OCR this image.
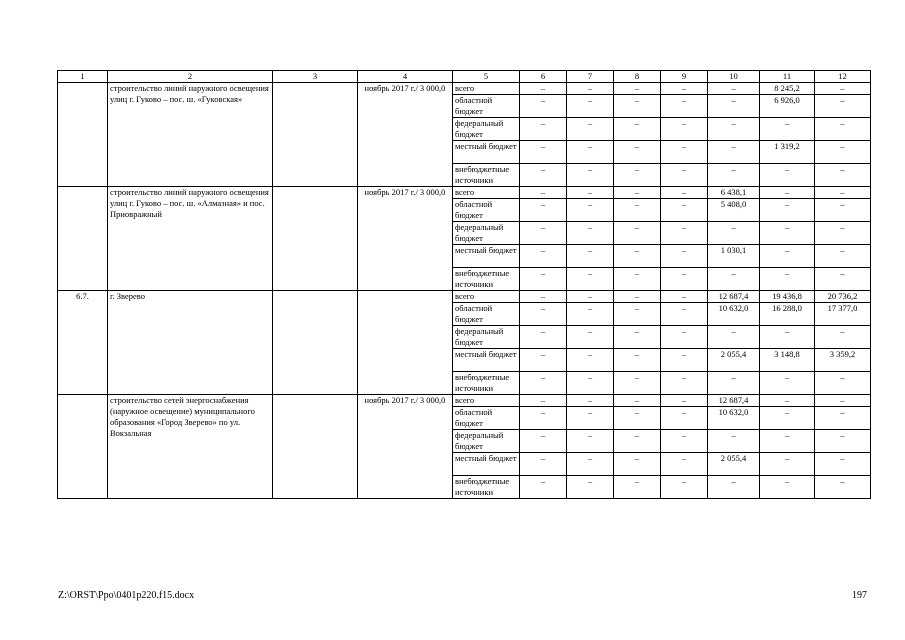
1	2	3	4	5	6	7	8	9	10	11	12
	строительство линий наружного освещения улиц г. Гуково – пос. ш. «Гуковская»		ноябрь 2017 г./ 3 000,0	всего	–	–	–	–	–	8 245,2	–
				областной бюджет	–	–	–	–	–	6 926,0	–
				федеральный бюджет	–	–	–	–	–	–	–
				местный бюджет	–	–	–	–	–	1 319,2	–
				внебюджетные источники	–	–	–	–	–	–	–
	строительство линий наружного освещения улиц г. Гуково – пос. ш. «Алмазная» и пос. Приовражный		ноябрь 2017 г./ 3 000,0	всего	–	–	–	–	6 438,1	–	–
				областной бюджет	–	–	–	–	5 408,0	–	–
				федеральный бюджет	–	–	–	–	–	–	–
				местный бюджет	–	–	–	–	1 030,1	–	–
				внебюджетные источники	–	–	–	–	–	–	–
6.7.	г. Зверево			всего	–	–	–	–	12 687,4	19 436,8	20 736,2
				областной бюджет	–	–	–	–	10 632,0	16 288,0	17 377,0
				федеральный бюджет	–	–	–	–	–	–	–
				местный бюджет	–	–	–	–	2 055,4	3 148,8	3 359,2
				внебюджетные источники	–	–	–	–	–	–	–
	строительство сетей энергоснабжения (наружное освещение) муниципального образования «Город Зверево» по ул. Вокзальная		ноябрь 2017 г./ 3 000,0	всего	–	–	–	–	12 687,4	–	–
				областной бюджет	–	–	–	–	10 632,0	–	–
				федеральный бюджет	–	–	–	–	–	–	–
				местный бюджет	–	–	–	–	2 055,4	–	–
				внебюджетные источники	–	–	–	–	–	–	–
Z:\ORST\Ppo\0401p220.f15.docx	197
